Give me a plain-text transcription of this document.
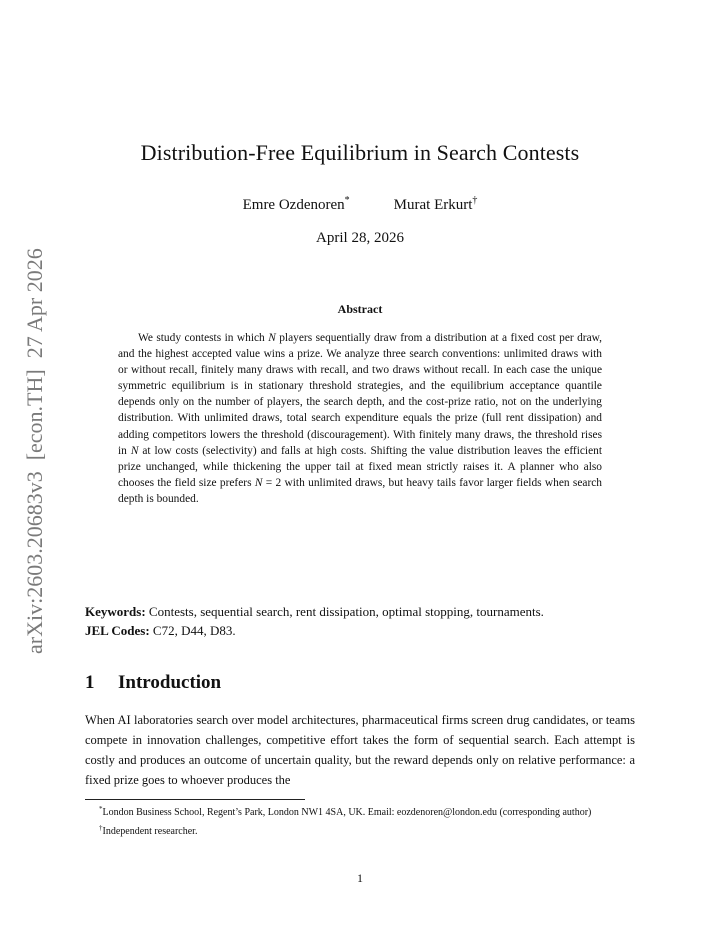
arXiv:2603.20683v3  [econ.TH]  27 Apr 2026
Distribution-Free Equilibrium in Search Contests
Emre Ozdenoren*	Murat Erkurt†
April 28, 2026
Abstract
We study contests in which N players sequentially draw from a distribution at a fixed cost per draw, and the highest accepted value wins a prize. We analyze three search conventions: unlimited draws with or without recall, finitely many draws with recall, and two draws without recall. In each case the unique symmetric equilibrium is in stationary threshold strategies, and the equilibrium acceptance quantile depends only on the number of players, the search depth, and the cost-prize ratio, not on the underlying distribution. With unlimited draws, total search expenditure equals the prize (full rent dissipation) and adding competitors lowers the threshold (discouragement). With finitely many draws, the threshold rises in N at low costs (selectivity) and falls at high costs. Shifting the value distribution leaves the efficient prize unchanged, while thickening the upper tail at fixed mean strictly raises it. A planner who also chooses the field size prefers N = 2 with unlimited draws, but heavy tails favor larger fields when search depth is bounded.
Keywords: Contests, sequential search, rent dissipation, optimal stopping, tournaments.
JEL Codes: C72, D44, D83.
1 Introduction
When AI laboratories search over model architectures, pharmaceutical firms screen drug candidates, or teams compete in innovation challenges, competitive effort takes the form of sequential search. Each attempt is costly and produces an outcome of uncertain quality, but the reward depends only on relative performance: a fixed prize goes to whoever produces the

*London Business School, Regent’s Park, London NW1 4SA, UK. Email: eozdenoren@london.edu (corresponding author)

†Independent researcher.

1
